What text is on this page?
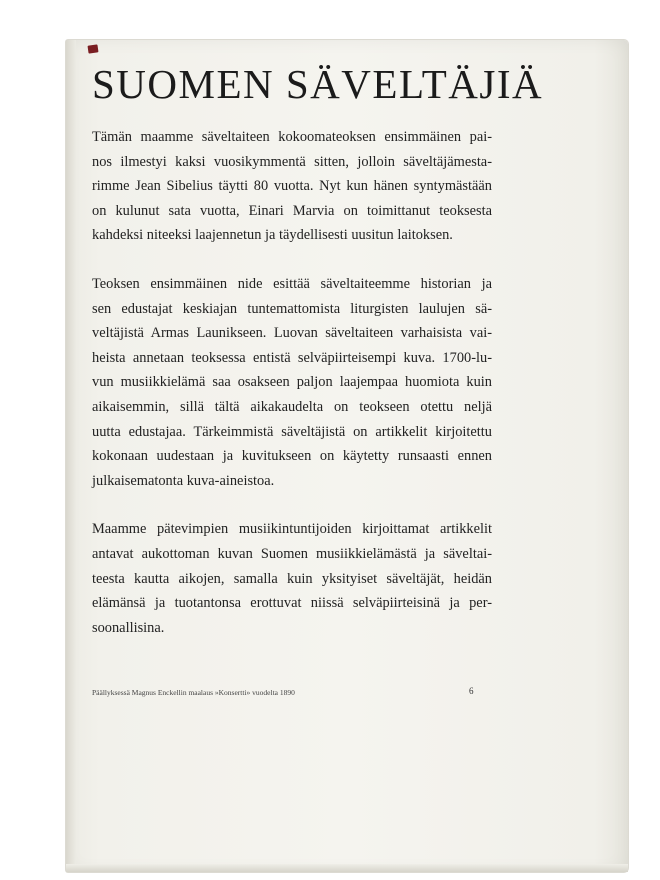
SUOMEN SÄVELTÄJIÄ

Tämän maamme säveltaiteen kokoomateoksen ensimmäinen pai-
nos ilmestyi kaksi vuosikymmentä sitten, jolloin säveltäjämesta-
rimme Jean Sibelius täytti 80 vuotta. Nyt kun hänen syntymästään
on kulunut sata vuotta, Einari Marvia on toimittanut teoksesta
kahdeksi niteeksi laajennetun ja täydellisesti uusitun laitoksen.

Teoksen ensimmäinen nide esittää säveltaiteemme historian ja
sen edustajat keskiajan tuntemattomista liturgisten laulujen sä-
veltäjistä Armas Launikseen. Luovan säveltaiteen varhaisista vai-
heista annetaan teoksessa entistä selväpiirteisempi kuva. 1700-lu-
vun musiikkielämä saa osakseen paljon laajempaa huomiota kuin
aikaisemmin, sillä tältä aikakaudelta on teokseen otettu neljä
uutta edustajaa. Tärkeimmistä säveltäjistä on artikkelit kirjoitettu
kokonaan uudestaan ja kuvitukseen on käytetty runsaasti ennen
julkaisematonta kuva-aineistoa.

Maamme pätevimpien musiikintuntijoiden kirjoittamat artikkelit
antavat aukottoman kuvan Suomen musiikkielämästä ja säveltai-
teesta kautta aikojen, samalla kuin yksityiset säveltäjät, heidän
elämänsä ja tuotantonsa erottuvat niissä selväpiirteisinä ja per-
soonallisina.

Päällyksessä Magnus Enckellin maalaus »Konsertti» vuodelta 1890	6
